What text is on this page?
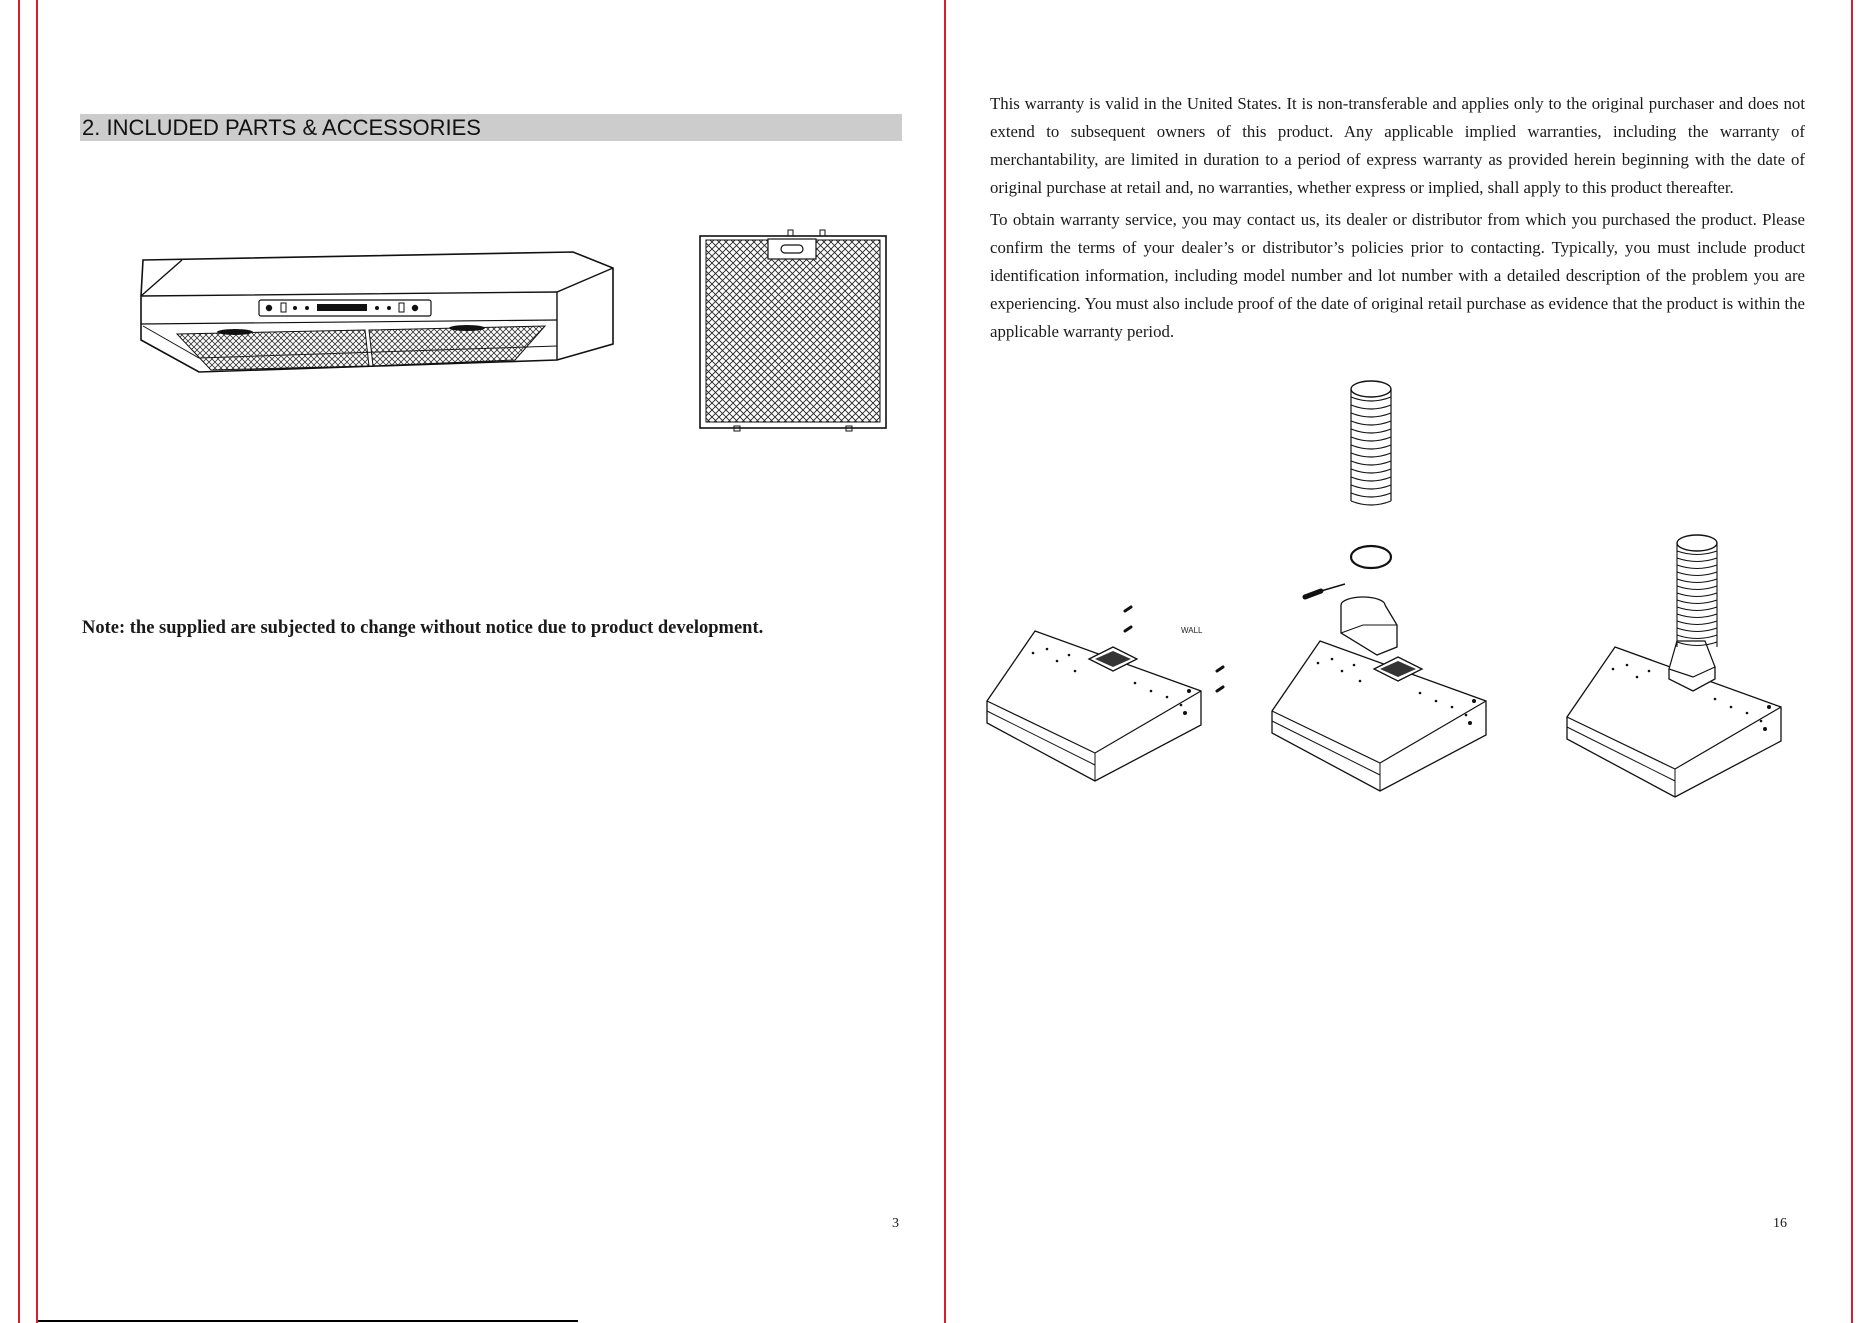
2. INCLUDED PARTS & ACCESSORIES
Note: the supplied are subjected to change without notice due to product development.
3

This warranty is valid in the United States. It is non-transferable and applies only to the original purchaser and does not extend to subsequent owners of this product. Any applicable implied warranties, including the warranty of merchantability, are limited in duration to a period of express warranty as provided herein beginning with the date of original purchase at retail and, no warranties, whether express or implied, shall apply to this product thereafter.

To obtain warranty service, you may contact us, its dealer or distributor from which you purchased the product. Please confirm the terms of your dealer’s or distributor’s policies prior to contacting. Typically, you must include product identification information, including model number and lot number with a detailed description of the problem you are experiencing. You must also include proof of the date of original retail purchase as evidence that the product is within the applicable warranty period.

WALL
16
